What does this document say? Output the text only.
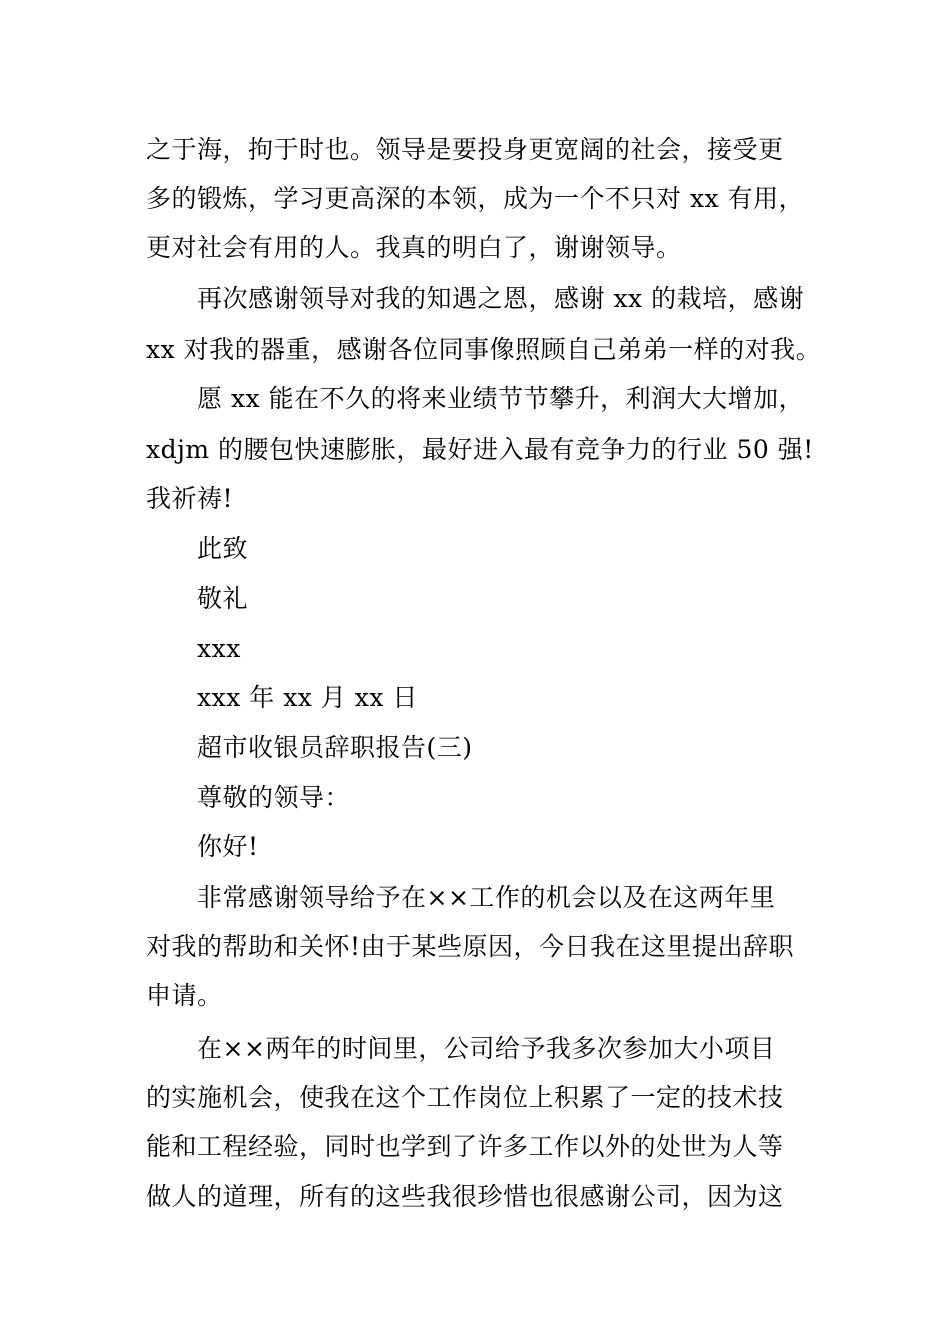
之于海，拘于时也。领导是要投身更宽阔的社会，接受更
多的锻炼，学习更高深的本领，成为一个不只对 xx 有用，
更对社会有用的人。我真的明白了，谢谢领导。
再次感谢领导对我的知遇之恩，感谢 xx 的栽培，感谢
xx 对我的器重，感谢各位同事像照顾自己弟弟一样的对我。
愿 xx 能在不久的将来业绩节节攀升，利润大大增加，
xdjm 的腰包快速膨胀，最好进入最有竞争力的行业 50 强!
我祈祷!
此致
敬礼
xxx
xxx 年 xx 月 xx 日
超市收银员辞职报告(三)
尊敬的领导：
你好!
非常感谢领导给予在××工作的机会以及在这两年里
对我的帮助和关怀!由于某些原因，今日我在这里提出辞职
申请。
在××两年的时间里，公司给予我多次参加大小项目
的实施机会，使我在这个工作岗位上积累了一定的技术技
能和工程经验，同时也学到了许多工作以外的处世为人等
做人的道理，所有的这些我很珍惜也很感谢公司，因为这
